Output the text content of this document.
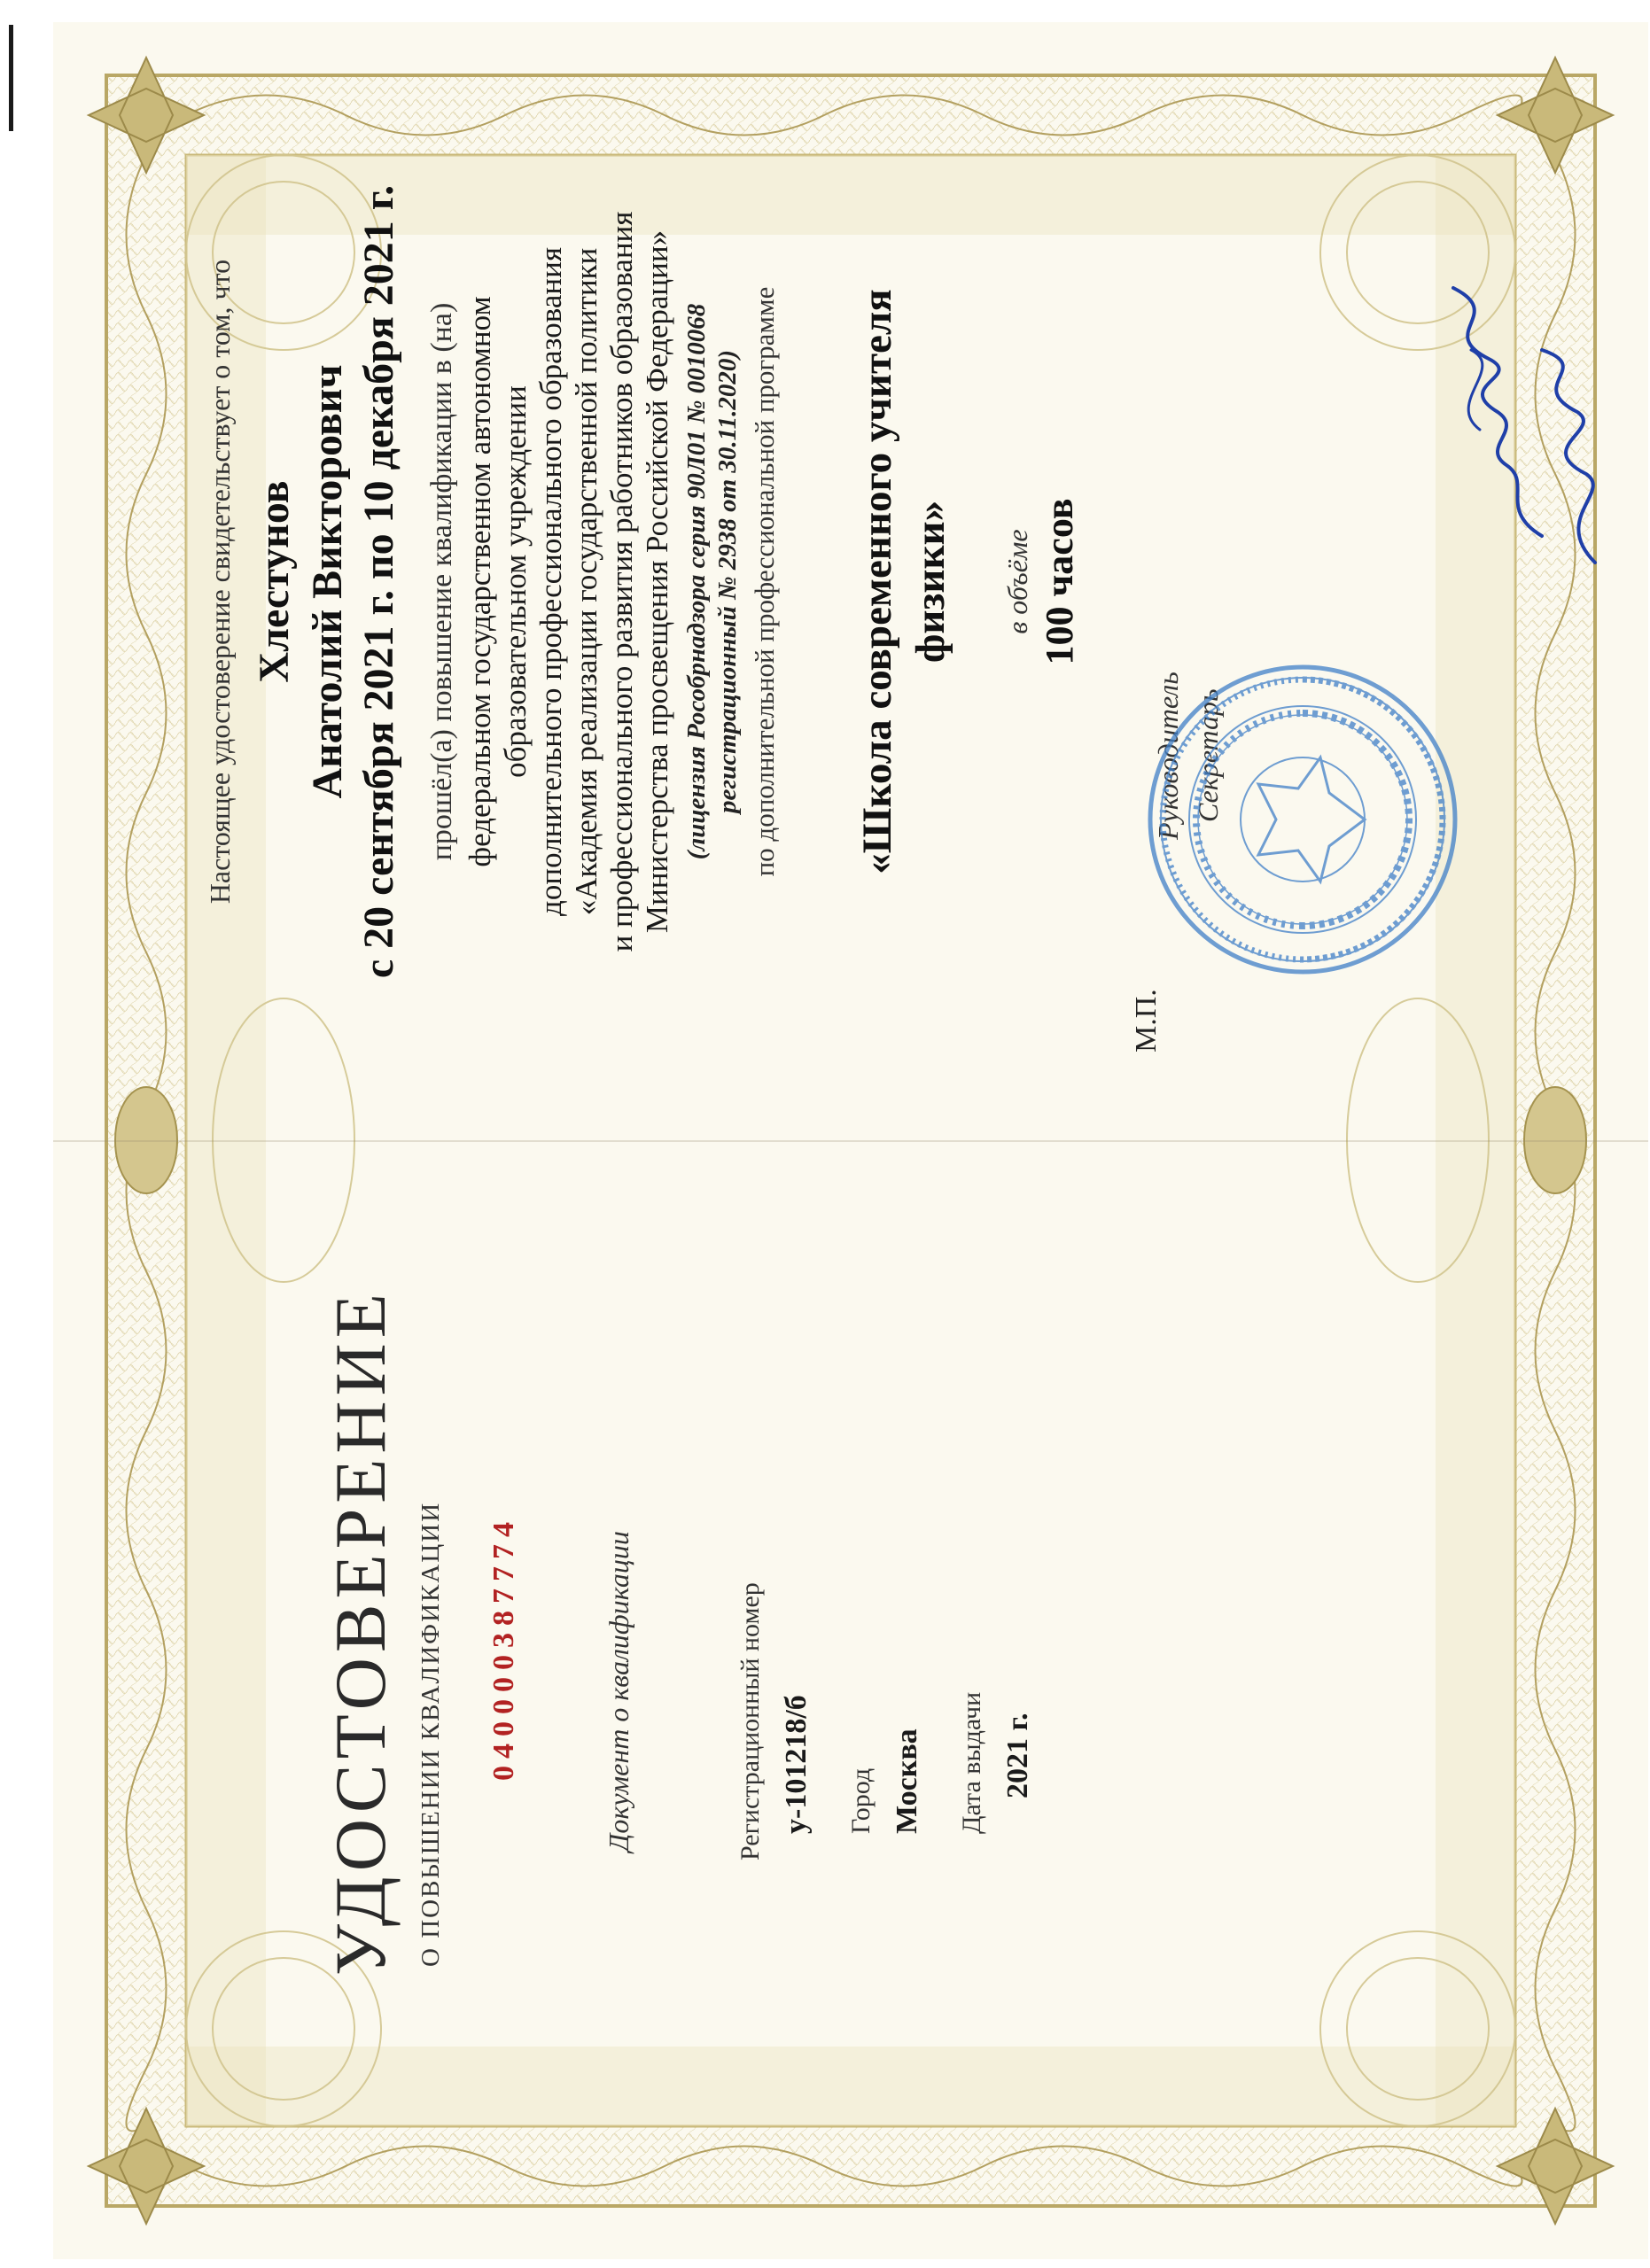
УДОСТОВЕРЕНИЕ О ПОВЫШЕНИИ КВАЛИФИКАЦИИ 040000387774	Документ о квалификации	Регистрационный номер у-101218/б Город Москва Дата выдачи 2021 г.
Настоящее удостоверение свидетельствует о том, что Хлестунов Анатолий Викторович с 20 сентября 2021 г. по 10 декабря 2021 г. прошёл(а) повышение квалификации в (на) федеральном государственном автономном образовательном учреждении дополнительного профессионального образования «Академия реализации государственной политики и профессионального развития работников образования Министерства просвещения Российской Федерации» (лицензия Рособрнадзора серия 90Л01 № 0010068 регистрационный № 2938 от 30.11.2020) по дополнительной профессиональной программе «Школа современного учителя физики» в объёме 100 часов
М.П.
Руководитель Секретарь
